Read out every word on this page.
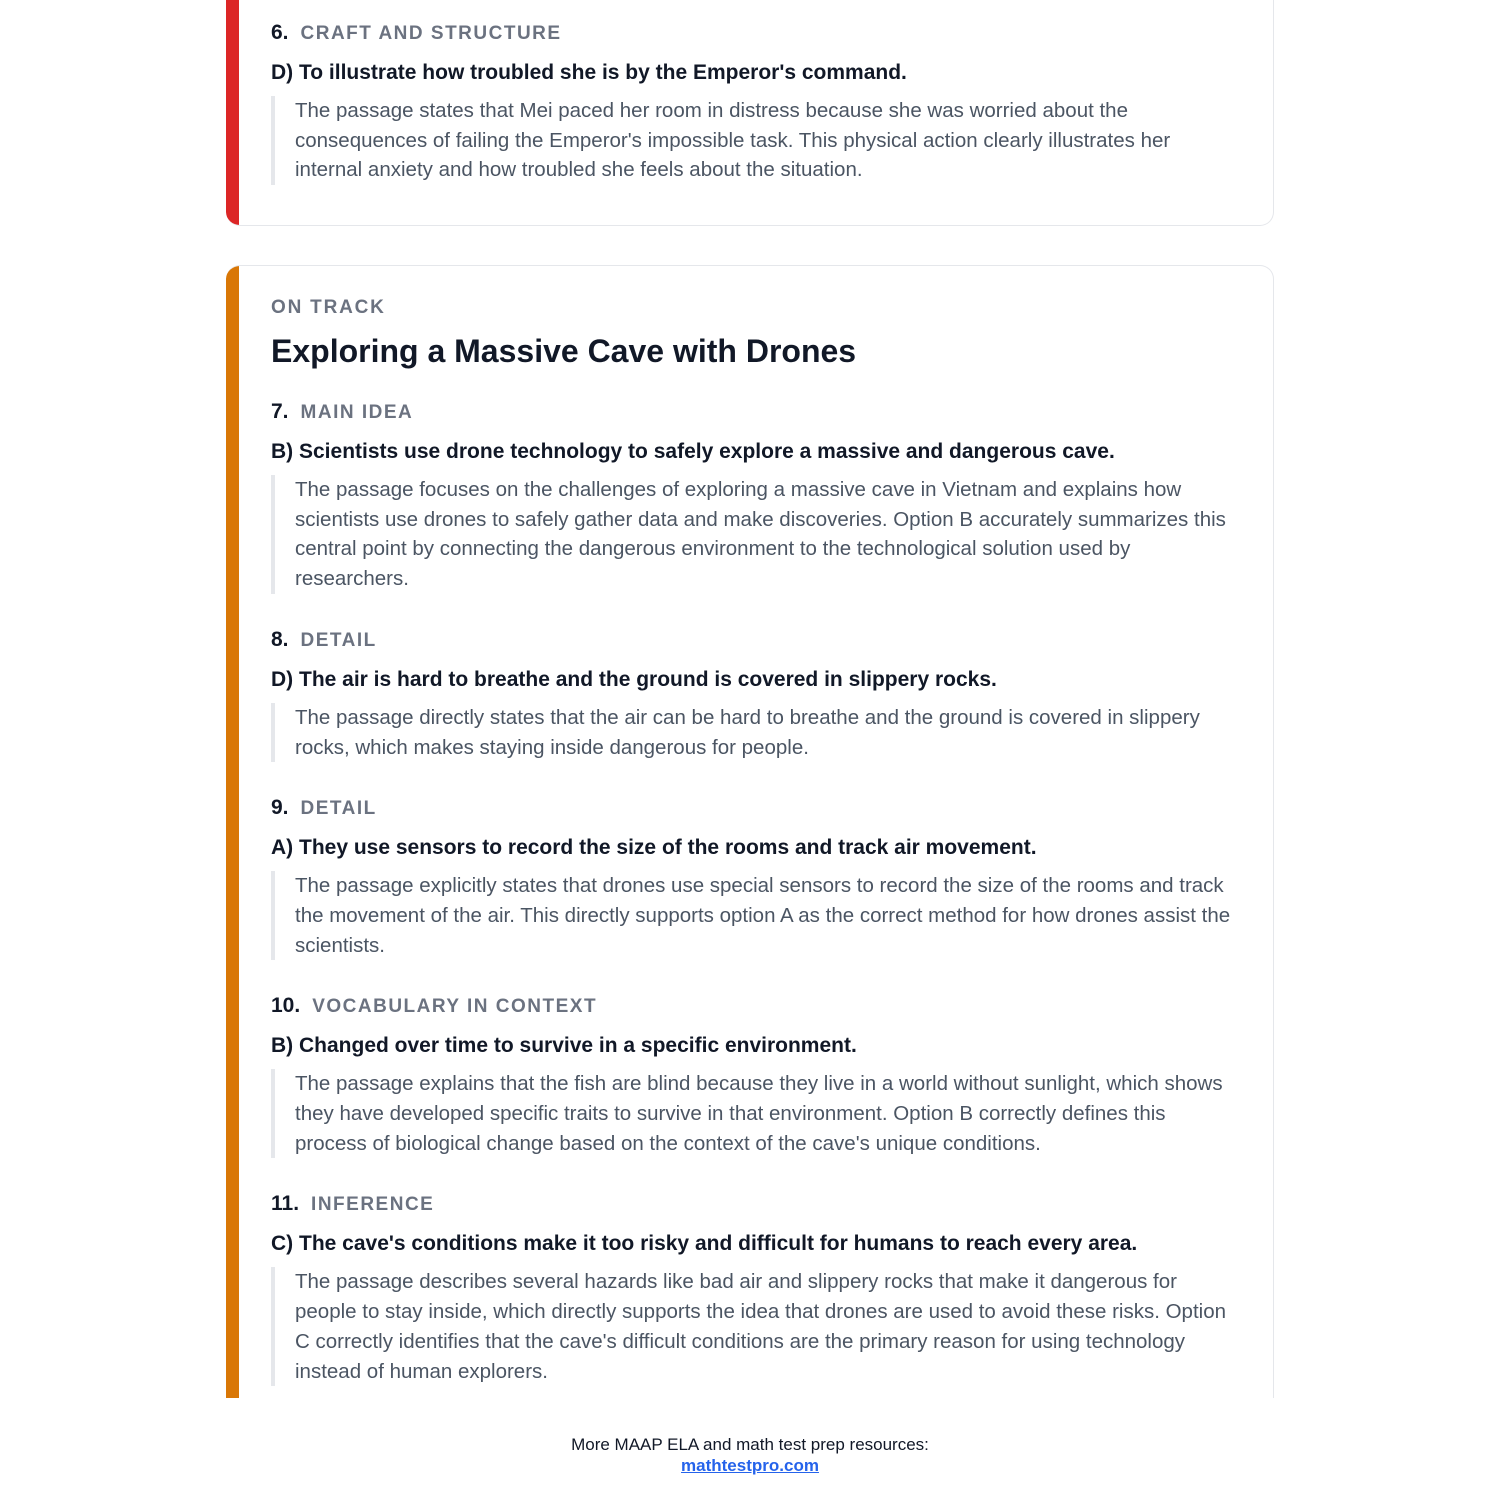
6. CRAFT AND STRUCTURE
D) To illustrate how troubled she is by the Emperor's command.
The passage states that Mei paced her room in distress because she was worried about the consequences of failing the Emperor's impossible task. This physical action clearly illustrates her internal anxiety and how troubled she feels about the situation.
ON TRACK
Exploring a Massive Cave with Drones
7. MAIN IDEA
B) Scientists use drone technology to safely explore a massive and dangerous cave.
The passage focuses on the challenges of exploring a massive cave in Vietnam and explains how scientists use drones to safely gather data and make discoveries. Option B accurately summarizes this central point by connecting the dangerous environment to the technological solution used by researchers.
8. DETAIL
D) The air is hard to breathe and the ground is covered in slippery rocks.
The passage directly states that the air can be hard to breathe and the ground is covered in slippery rocks, which makes staying inside dangerous for people.
9. DETAIL
A) They use sensors to record the size of the rooms and track air movement.
The passage explicitly states that drones use special sensors to record the size of the rooms and track the movement of the air. This directly supports option A as the correct method for how drones assist the scientists.
10. VOCABULARY IN CONTEXT
B) Changed over time to survive in a specific environment.
The passage explains that the fish are blind because they live in a world without sunlight, which shows they have developed specific traits to survive in that environment. Option B correctly defines this process of biological change based on the context of the cave's unique conditions.
11. INFERENCE
C) The cave's conditions make it too risky and difficult for humans to reach every area.
The passage describes several hazards like bad air and slippery rocks that make it dangerous for people to stay inside, which directly supports the idea that drones are used to avoid these risks. Option C correctly identifies that the cave's difficult conditions are the primary reason for using technology instead of human explorers.
More MAAP ELA and math test prep resources:
mathtestpro.com
